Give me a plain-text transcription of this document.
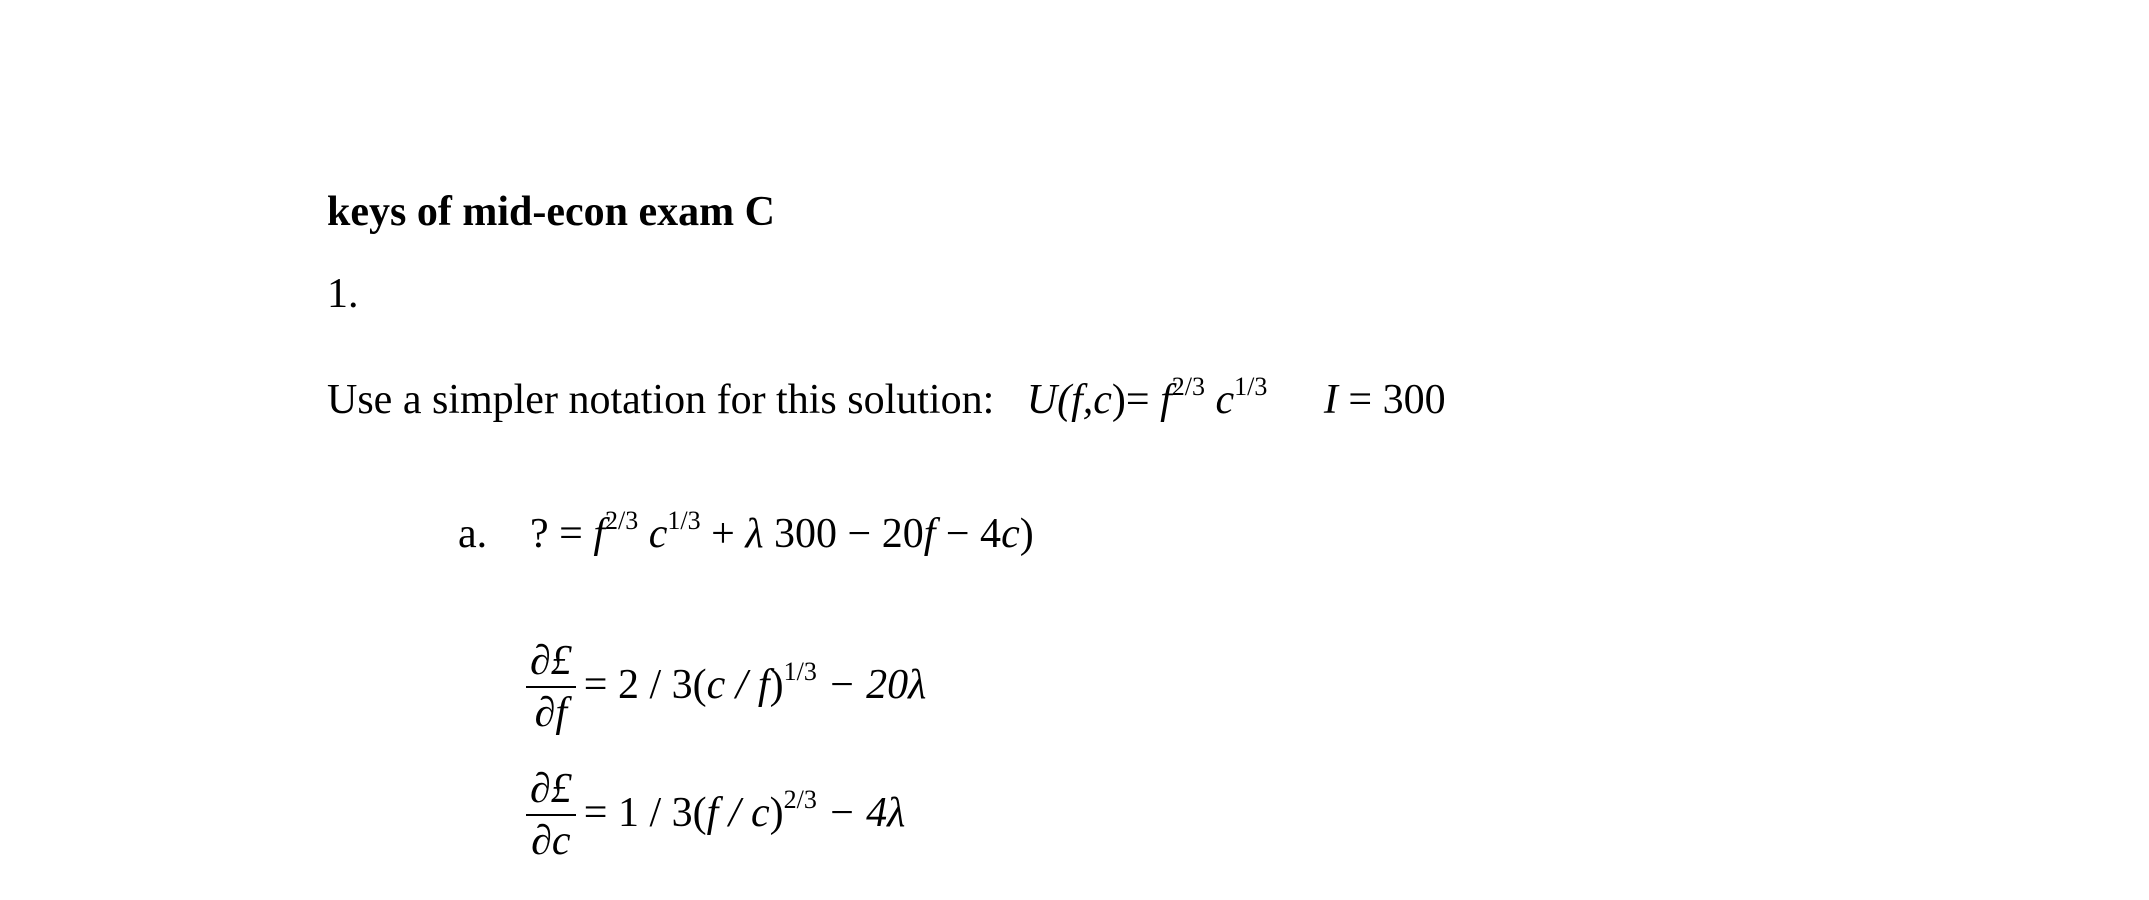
keys of mid-econ exam C
1.
Use a simpler notation for this solution: $U(f,c)= f^{2/3}$ $c^{1/3}$ I = 300
a. ? = $f^{2/3}$ $c^{1/3} + \lambda$ 300 − 20f − 4c)
$\frac{\partial£}{\partial f} = 2 / 3(c / f)^{1/3} - 20\lambda$
$\frac{\partial£}{\partial c} = 1 / 3(f / c)^{2/3} - 4\lambda$
